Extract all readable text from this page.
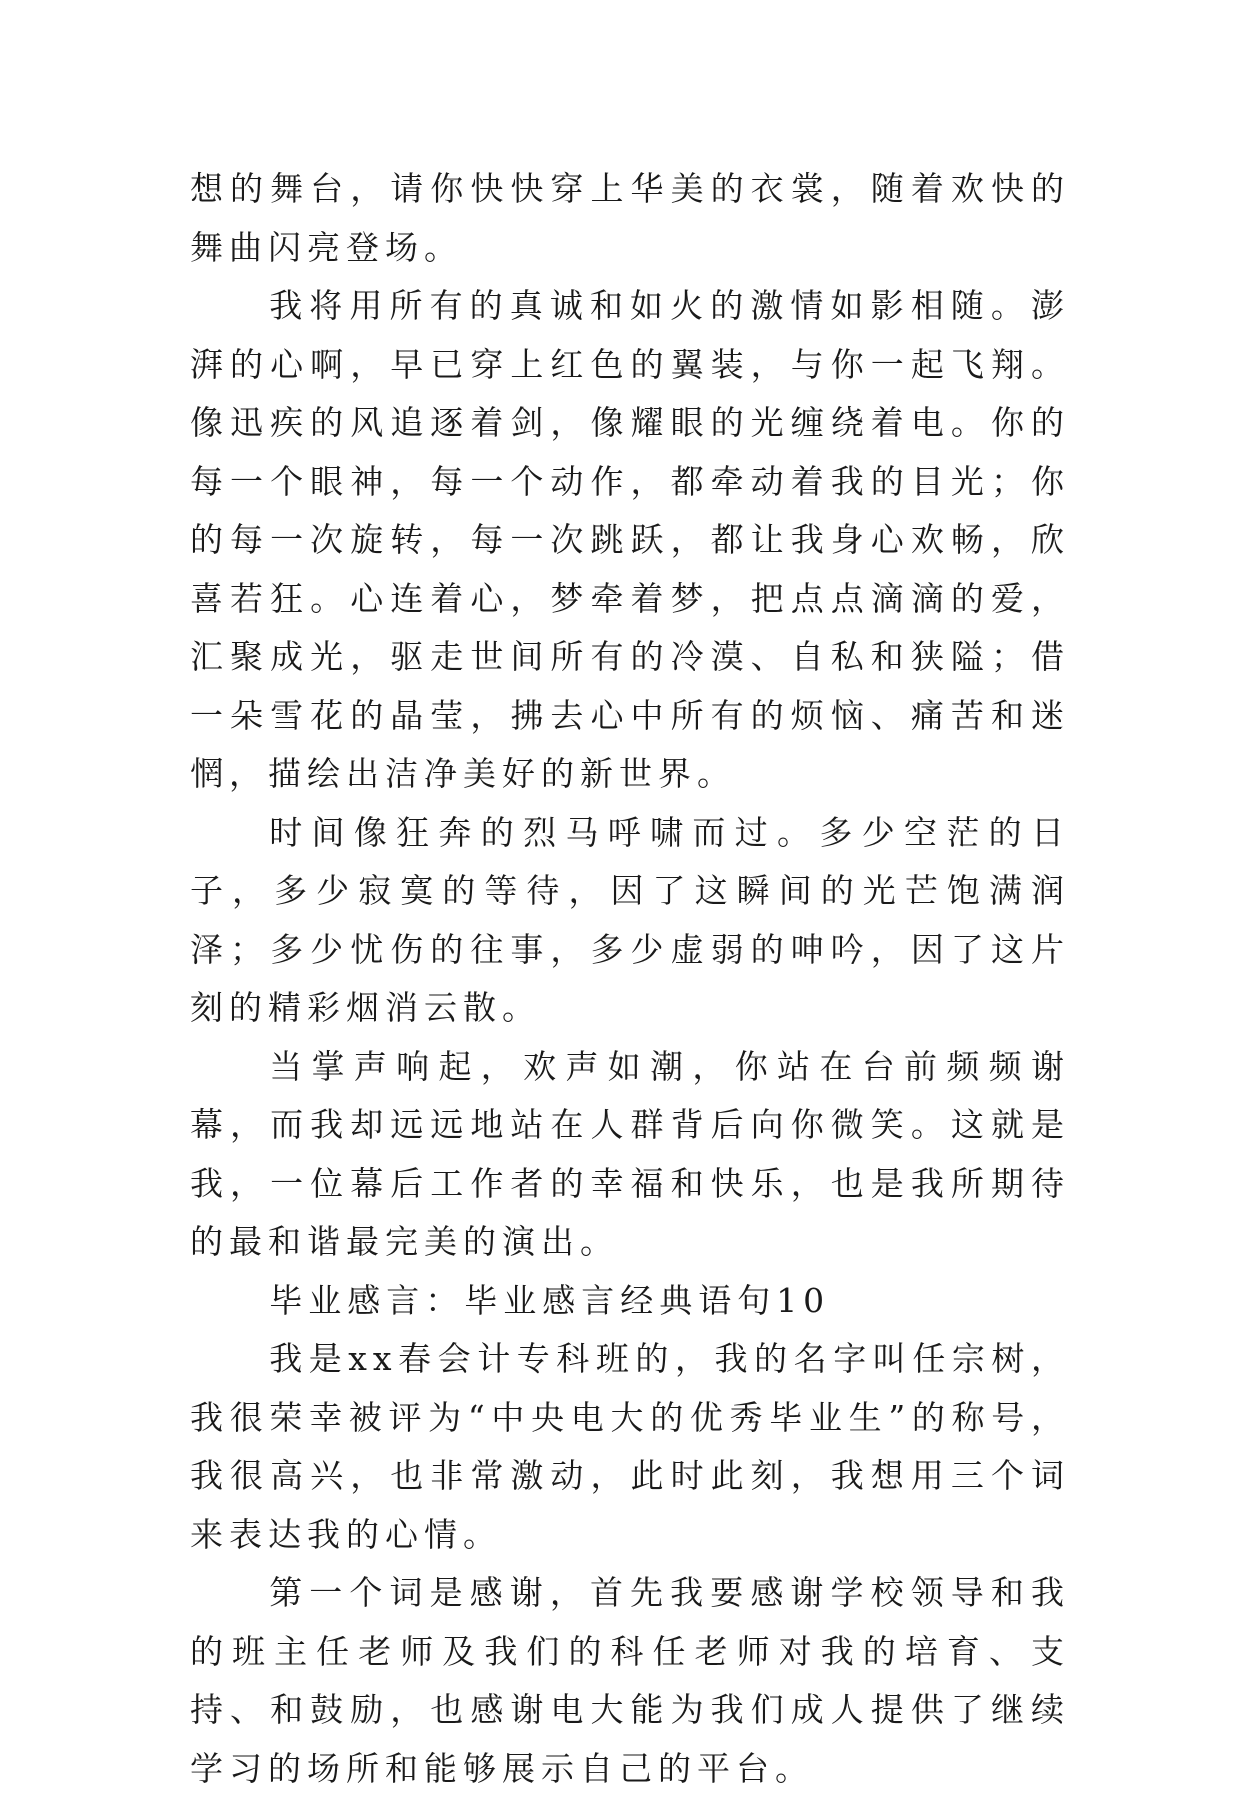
想的舞台，请你快快穿上华美的衣裳，随着欢快的舞曲闪亮登场。

我将用所有的真诚和如火的激情如影相随。澎湃的心啊，早已穿上红色的翼装，与你一起飞翔。像迅疾的风追逐着剑，像耀眼的光缠绕着电。你的每一个眼神，每一个动作，都牵动着我的目光；你的每一次旋转，每一次跳跃，都让我身心欢畅，欣喜若狂。心连着心，梦牵着梦，把点点滴滴的爱，汇聚成光，驱走世间所有的冷漠、自私和狭隘；借一朵雪花的晶莹，拂去心中所有的烦恼、痛苦和迷惘，描绘出洁净美好的新世界。

时间像狂奔的烈马呼啸而过。多少空茫的日子，多少寂寞的等待，因了这瞬间的光芒饱满润泽；多少忧伤的往事，多少虚弱的呻吟，因了这片刻的精彩烟消云散。

当掌声响起，欢声如潮，你站在台前频频谢幕，而我却远远地站在人群背后向你微笑。这就是我，一位幕后工作者的幸福和快乐，也是我所期待的最和谐最完美的演出。

毕业感言：毕业感言经典语句10

我是xx春会计专科班的，我的名字叫任宗树，我很荣幸被评为“中央电大的优秀毕业生”的称号，我很高兴，也非常激动，此时此刻，我想用三个词来表达我的心情。

第一个词是感谢，首先我要感谢学校领导和我的班主任老师及我们的科任老师对我的培育、支持、和鼓励，也感谢电大能为我们成人提供了继续学习的场所和能够展示自己的平台。
